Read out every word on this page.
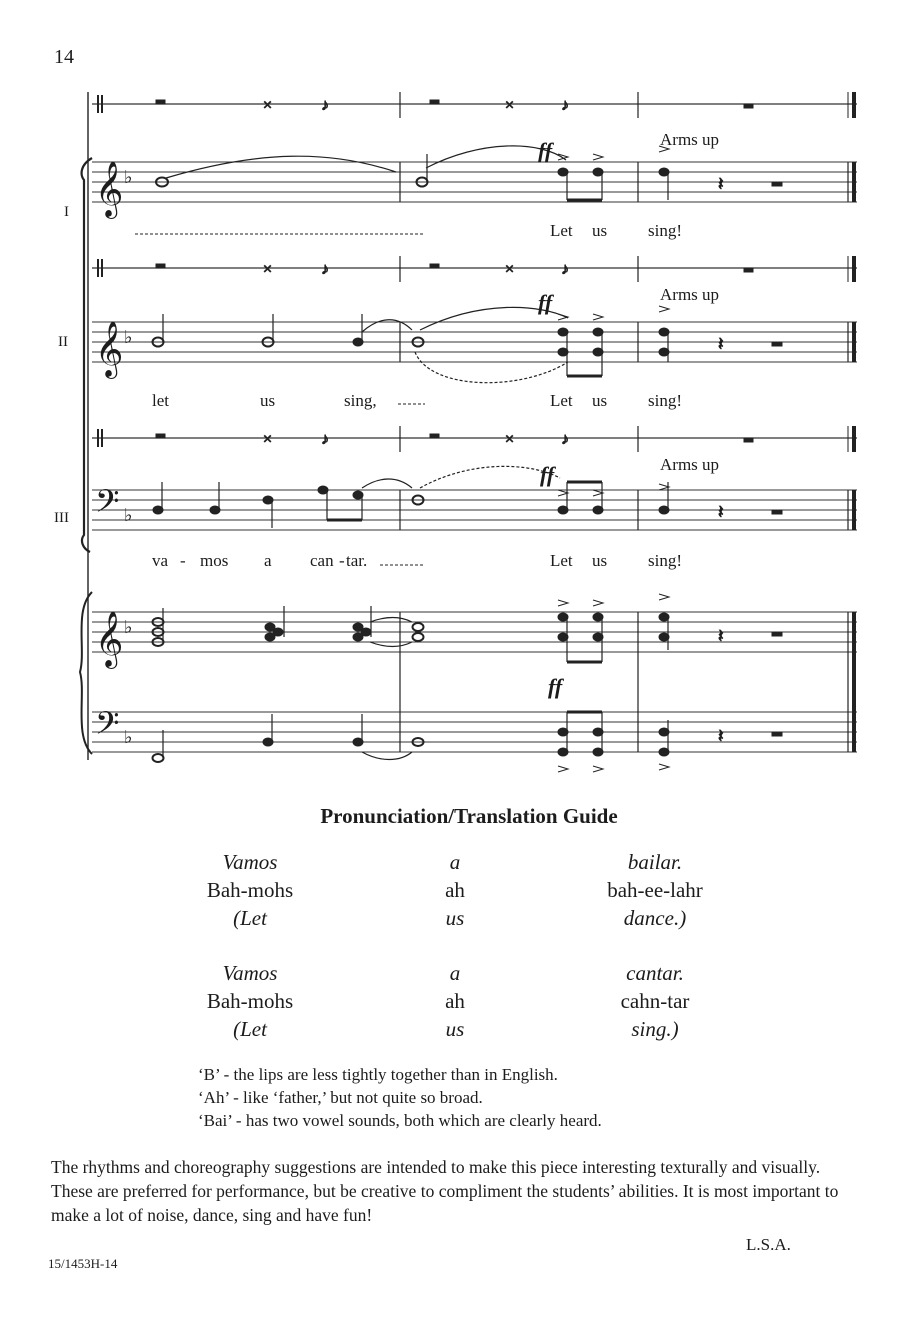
14
×	♪	×	♪
×	♪	×	♪
×	♪	×	♪
𝄞
𝄞
𝄢
𝄞
𝄢
♭
♭
♭
♭
♭
𝄽
𝄽
𝄽
𝄽
𝄽
ff
ff
ff
ff
Arms up
Arms up
Arms up
I
II
III
Let us sing!
let	us	sing,	Let us sing!
va - mos a can - tar.	Let us sing!
Pronunciation/Translation Guide
Vamos	a	bailar.
Bah-mohs	ah	bah-ee-lahr
(Let	us	dance.)
Vamos	a	cantar.
Bah-mohs	ah	cahn-tar
(Let	us	sing.)
‘B’ - the lips are less tightly together than in English.
‘Ah’ - like ‘father,’ but not quite so broad.
‘Bai’ - has two vowel sounds, both which are clearly heard.
The rhythms and choreography suggestions are intended to make this piece interesting texturally and visually. These are preferred for performance, but be creative to compliment the students’ abilities. It is most important to make a lot of noise, dance, sing and have fun!
L.S.A.
15/1453H-14
